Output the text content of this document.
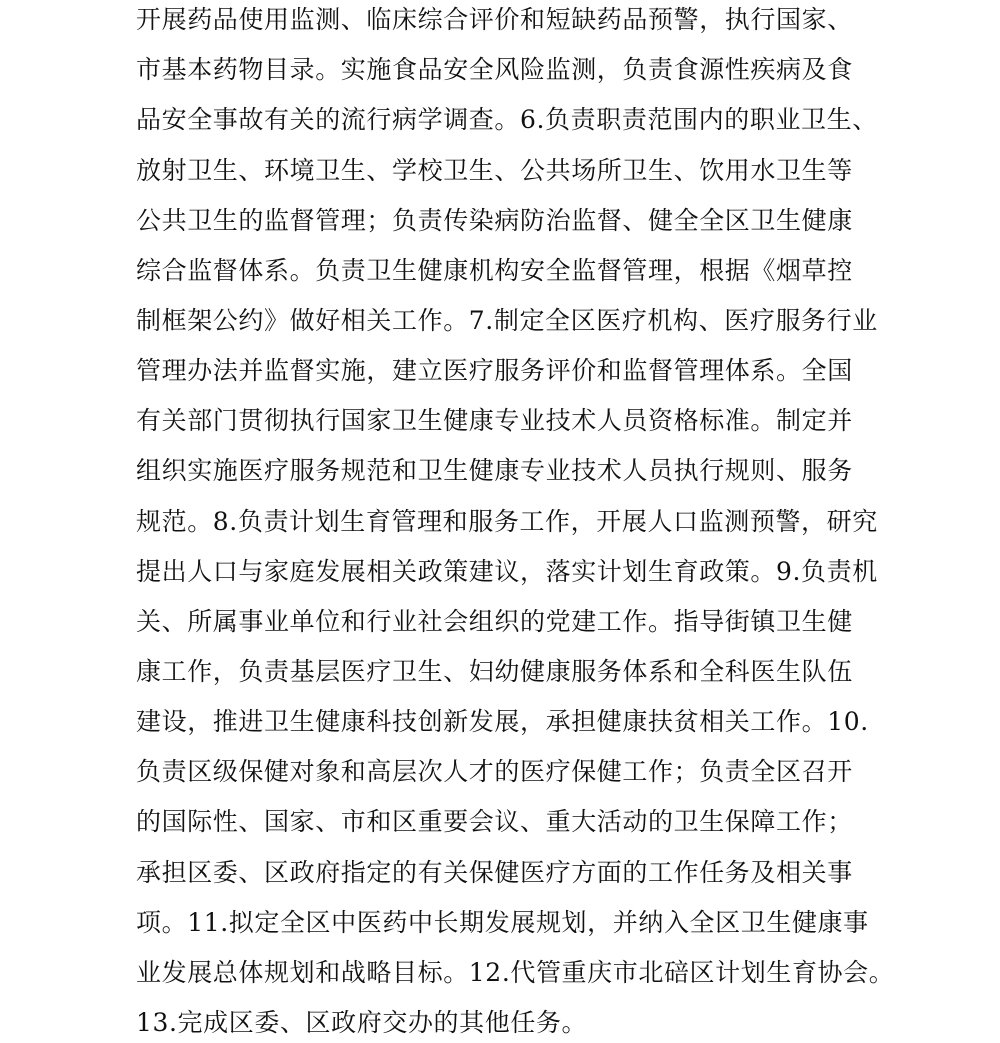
开展药品使用监测、临床综合评价和短缺药品预警，执行国家、
市基本药物目录。实施食品安全风险监测，负责食源性疾病及食
品安全事故有关的流行病学调查。6.负责职责范围内的职业卫生、
放射卫生、环境卫生、学校卫生、公共场所卫生、饮用水卫生等
公共卫生的监督管理；负责传染病防治监督、健全全区卫生健康
综合监督体系。负责卫生健康机构安全监督管理，根据《烟草控
制框架公约》做好相关工作。7.制定全区医疗机构、医疗服务行业
管理办法并监督实施，建立医疗服务评价和监督管理体系。全国
有关部门贯彻执行国家卫生健康专业技术人员资格标准。制定并
组织实施医疗服务规范和卫生健康专业技术人员执行规则、服务
规范。8.负责计划生育管理和服务工作，开展人口监测预警，研究
提出人口与家庭发展相关政策建议，落实计划生育政策。9.负责机
关、所属事业单位和行业社会组织的党建工作。指导街镇卫生健
康工作，负责基层医疗卫生、妇幼健康服务体系和全科医生队伍
建设，推进卫生健康科技创新发展，承担健康扶贫相关工作。10.
负责区级保健对象和高层次人才的医疗保健工作；负责全区召开
的国际性、国家、市和区重要会议、重大活动的卫生保障工作；
承担区委、区政府指定的有关保健医疗方面的工作任务及相关事
项。11.拟定全区中医药中长期发展规划，并纳入全区卫生健康事
业发展总体规划和战略目标。12.代管重庆市北碚区计划生育协会。
13.完成区委、区政府交办的其他任务。
